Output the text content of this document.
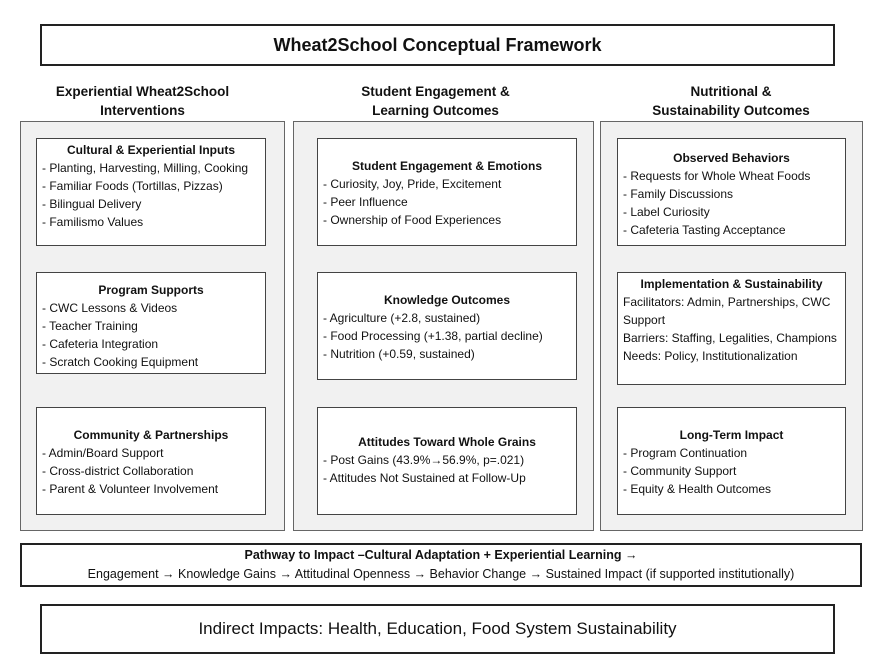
Wheat2School Conceptual Framework
Experiential Wheat2School
Interventions
Cultural & Experiential Inputs
- Planting, Harvesting, Milling, Cooking
- Familiar Foods (Tortillas, Pizzas)
- Bilingual Delivery
- Familismo Values
Program Supports
- CWC Lessons & Videos
- Teacher Training
- Cafeteria Integration
- Scratch Cooking Equipment
Community & Partnerships
- Admin/Board Support
- Cross-district Collaboration
- Parent & Volunteer Involvement
Student Engagement &
Learning Outcomes
Student Engagement & Emotions
- Curiosity, Joy, Pride, Excitement
- Peer Influence
- Ownership of Food Experiences
Knowledge Outcomes
- Agriculture (+2.8, sustained)
- Food Processing (+1.38, partial decline)
- Nutrition (+0.59, sustained)
Attitudes Toward Whole Grains
- Post Gains (43.9%→56.9%, p=.021)
- Attitudes Not Sustained at Follow-Up
Nutritional &
Sustainability Outcomes
Observed Behaviors
- Requests for Whole Wheat Foods
- Family Discussions
- Label Curiosity
- Cafeteria Tasting Acceptance
Implementation & Sustainability
Facilitators: Admin, Partnerships, CWC Support
Barriers: Staffing, Legalities, Champions
Needs: Policy, Institutionalization
Long-Term Impact
- Program Continuation
- Community Support
- Equity & Health Outcomes
Pathway to Impact –Cultural Adaptation + Experiential Learning →
Engagement → Knowledge Gains → Attitudinal Openness → Behavior Change → Sustained Impact (if supported institutionally)
Indirect Impacts: Health, Education, Food System Sustainability
